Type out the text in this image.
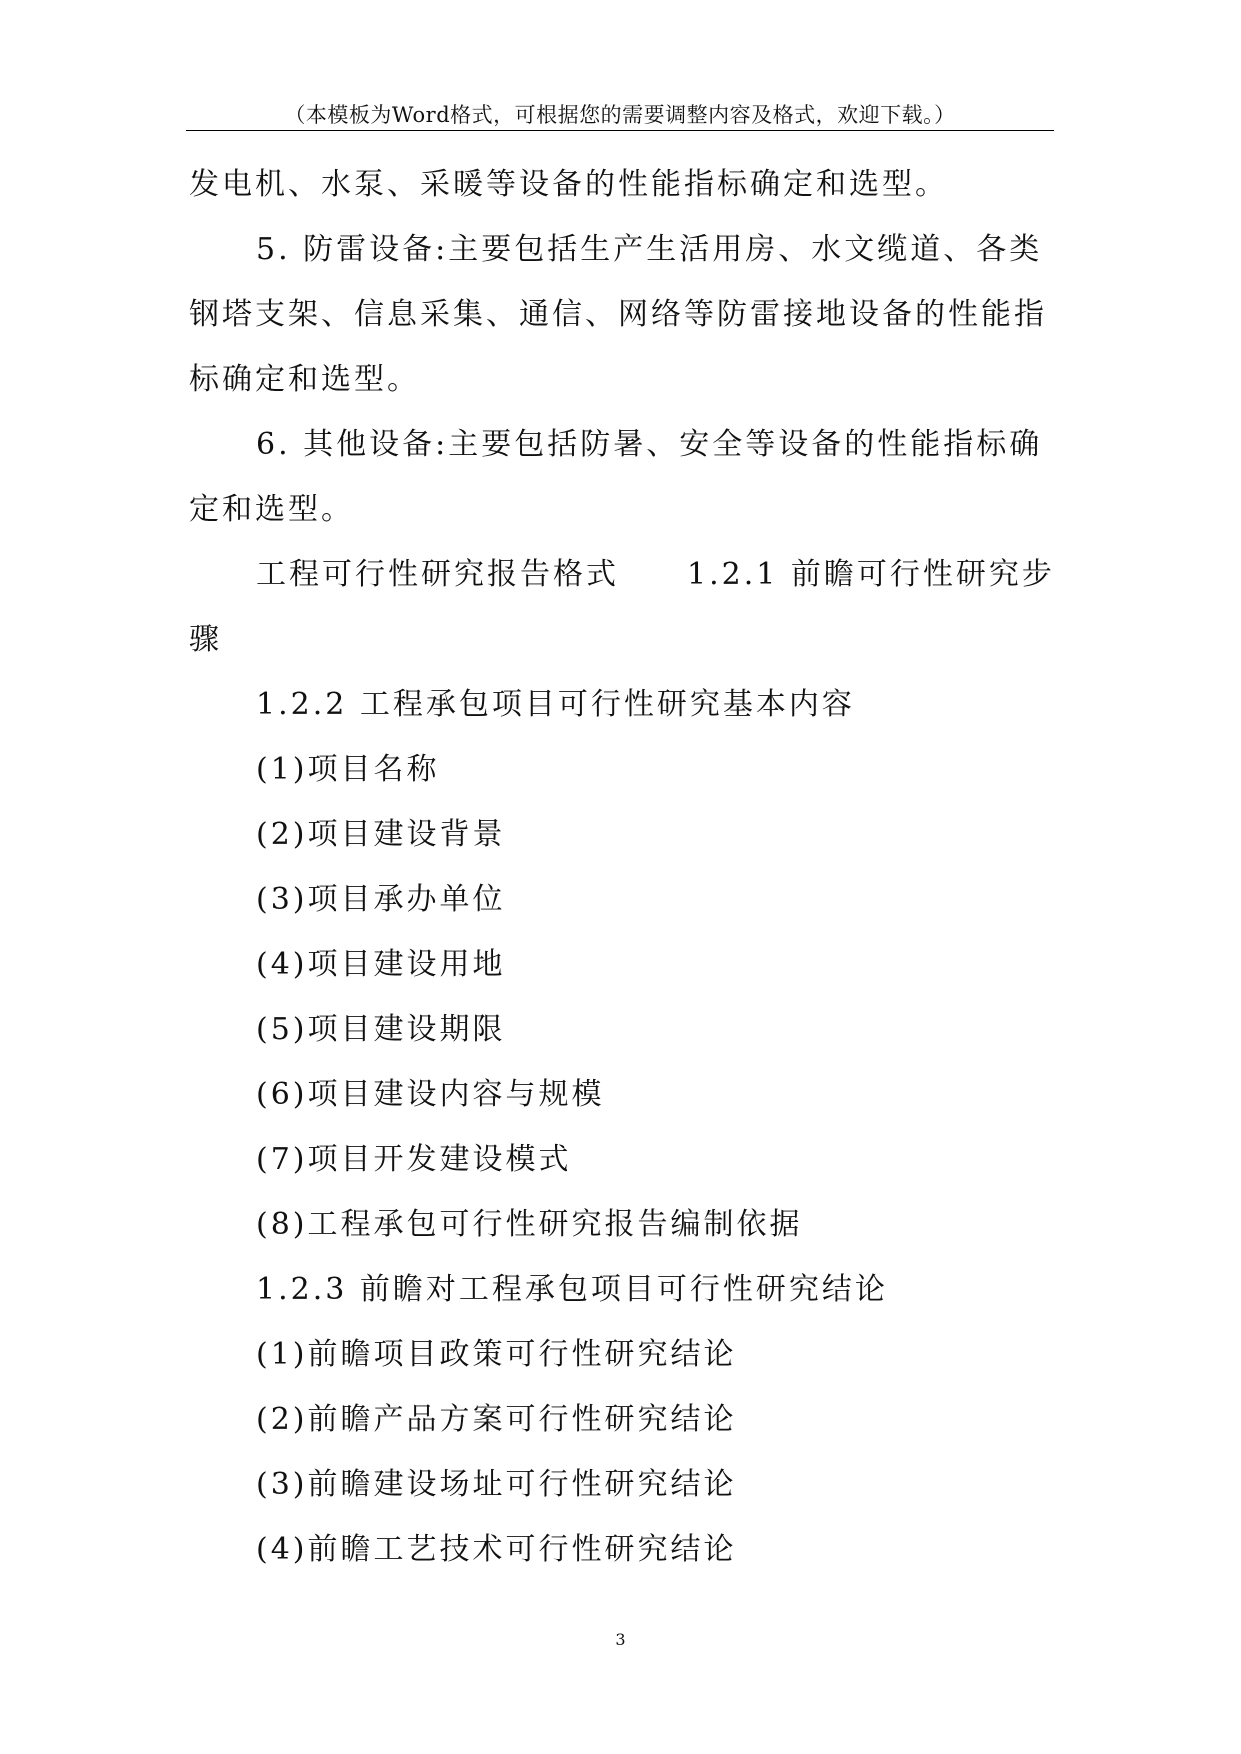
（本模板为Word格式，可根据您的需要调整内容及格式，欢迎下载。）

发电机、水泵、采暖等设备的性能指标确定和选型。

5. 防雷设备:主要包括生产生活用房、水文缆道、各类

钢塔支架、信息采集、通信、网络等防雷接地设备的性能指

标确定和选型。

6. 其他设备:主要包括防暑、安全等设备的性能指标确

定和选型。

工程可行性研究报告格式 1.2.1 前瞻可行性研究步

骤

1.2.2 工程承包项目可行性研究基本内容

(1)项目名称

(2)项目建设背景

(3)项目承办单位

(4)项目建设用地

(5)项目建设期限

(6)项目建设内容与规模

(7)项目开发建设模式

(8)工程承包可行性研究报告编制依据

1.2.3 前瞻对工程承包项目可行性研究结论

(1)前瞻项目政策可行性研究结论

(2)前瞻产品方案可行性研究结论

(3)前瞻建设场址可行性研究结论

(4)前瞻工艺技术可行性研究结论

3
